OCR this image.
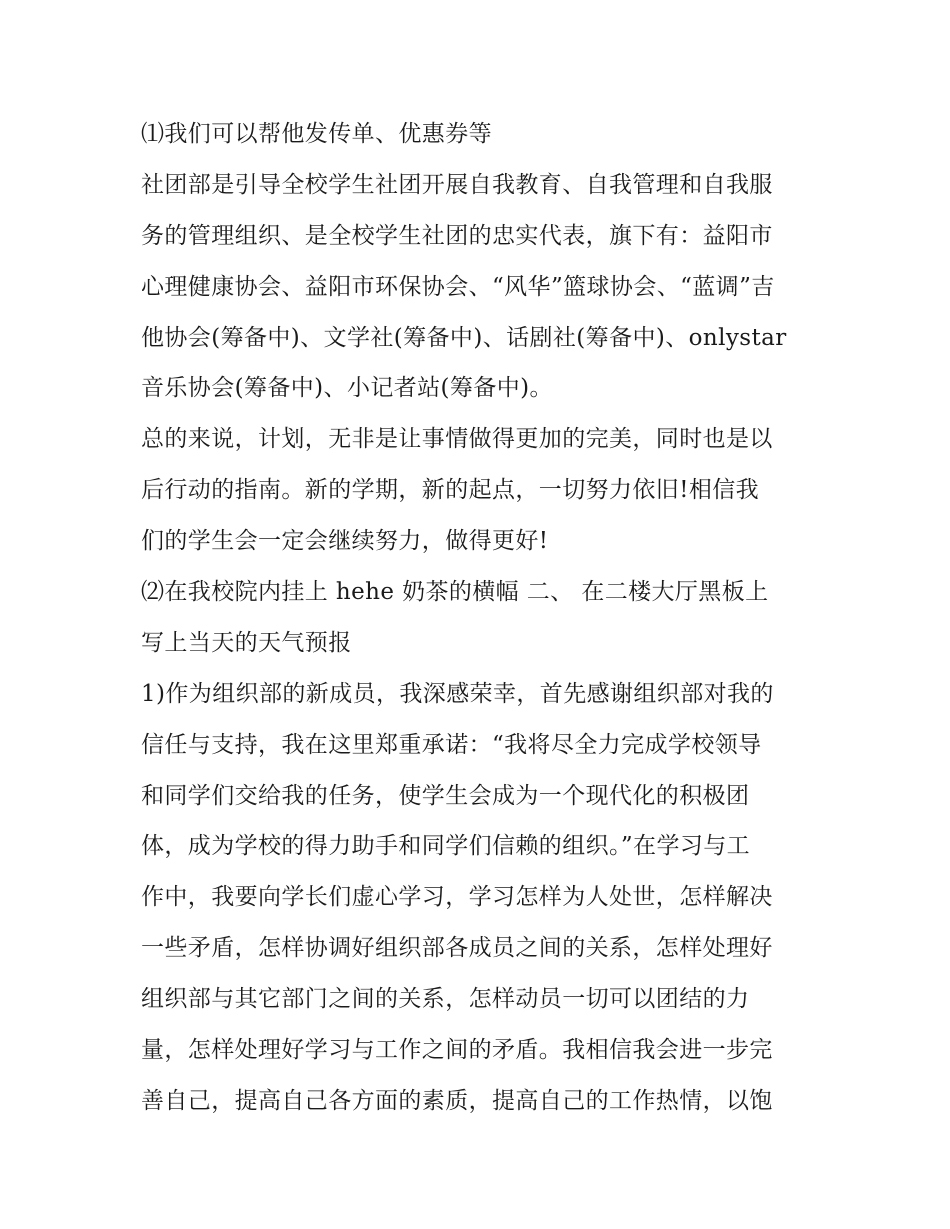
⑴我们可以帮他发传单、优惠券等
社团部是引导全校学生社团开展自我教育、自我管理和自我服
务的管理组织、是全校学生社团的忠实代表，旗下有：益阳市
心理健康协会、益阳市环保协会、“风华”篮球协会、“蓝调”吉
他协会(筹备中)、文学社(筹备中)、话剧社(筹备中)、onlystar
音乐协会(筹备中)、小记者站(筹备中)。
总的来说，计划，无非是让事情做得更加的完美，同时也是以
后行动的指南。新的学期，新的起点，一切努力依旧!相信我
们的学生会一定会继续努力，做得更好!
⑵在我校院内挂上 hehe 奶茶的横幅 二、 在二楼大厅黑板上
写上当天的天气预报
1)作为组织部的新成员，我深感荣幸，首先感谢组织部对我的
信任与支持，我在这里郑重承诺：“我将尽全力完成学校领导
和同学们交给我的任务，使学生会成为一个现代化的积极团
体，成为学校的得力助手和同学们信赖的组织。”在学习与工
作中，我要向学长们虚心学习，学习怎样为人处世，怎样解决
一些矛盾，怎样协调好组织部各成员之间的关系，怎样处理好
组织部与其它部门之间的关系，怎样动员一切可以团结的力
量，怎样处理好学习与工作之间的矛盾。我相信我会进一步完
善自己，提高自己各方面的素质，提高自己的工作热情，以饱
